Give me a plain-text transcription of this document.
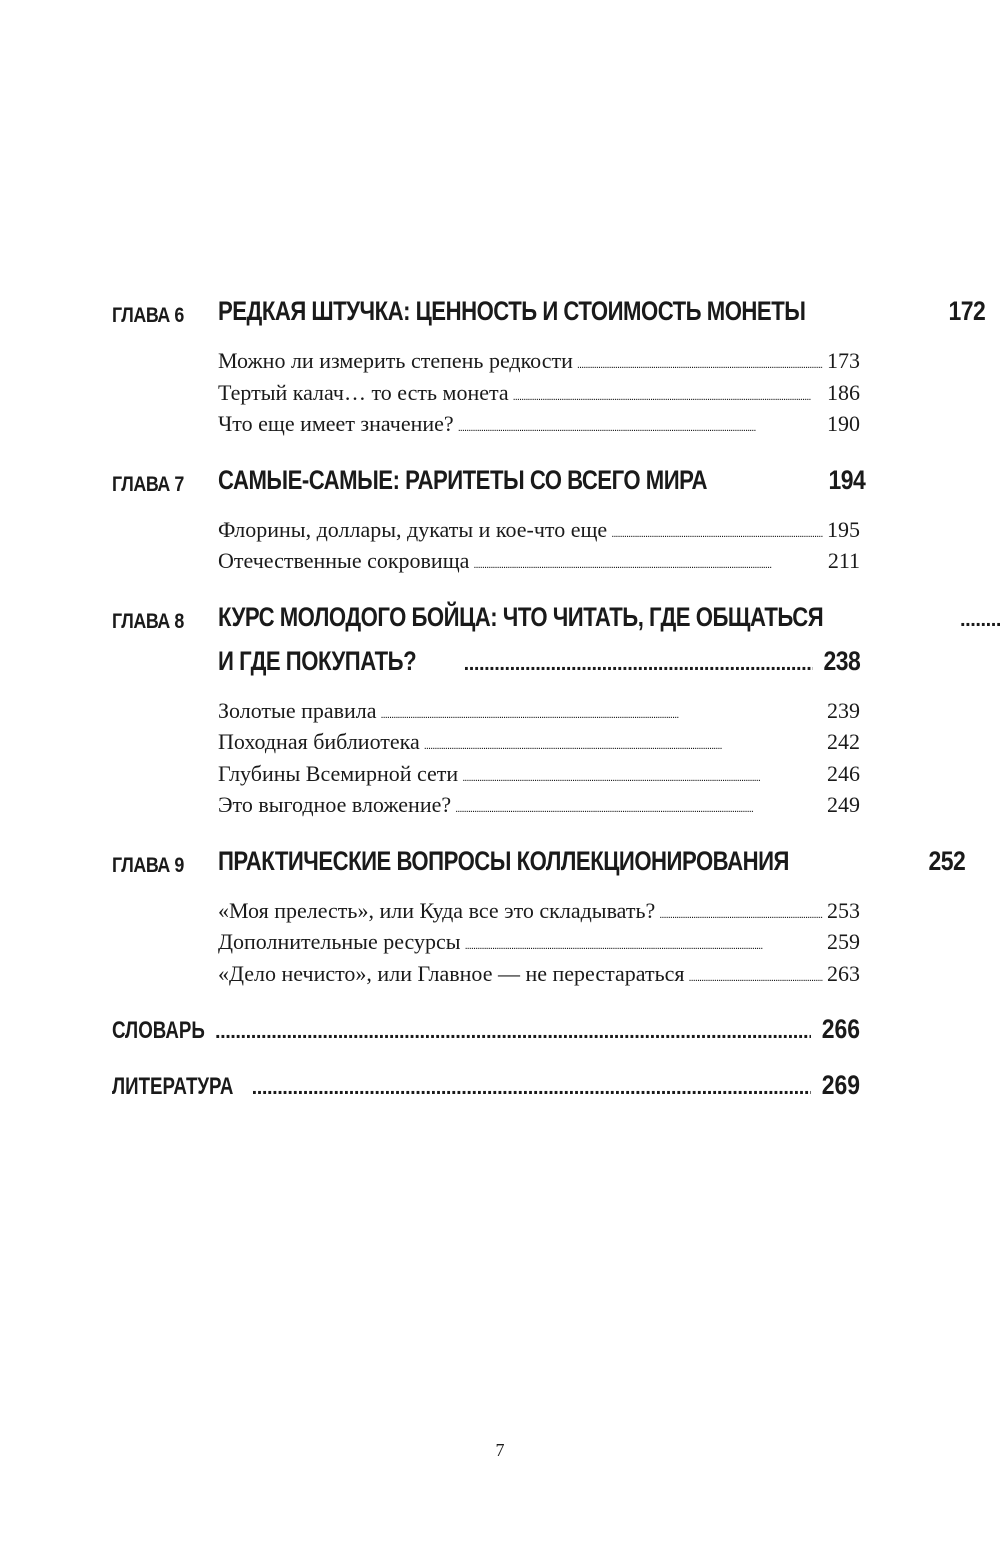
ГЛАВА 6 РЕДКАЯ ШТУЧКА: ЦЕННОСТЬ И СТОИМОСТЬ МОНЕТЫ	172
Можно ли измерить степень редкости . . .	173
Тертый калач… то есть монета . . .	186
Что еще имеет значение? . . .	190
ГЛАВА 7 САМЫЕ-САМЫЕ: РАРИТЕТЫ СО ВСЕГО МИРА	194
Флорины, доллары, дукаты и кое-что еще . . .	195
Отечественные сокровища . . .	211
ГЛАВА 8 КУРС МОЛОДОГО БОЙЦА: ЧТО ЧИТАТЬ, ГДЕ ОБЩАТЬСЯ
. . .
И ГДЕ ПОКУПАТЬ? . . .	238
Золотые правила . . .	239
Походная библиотека . . .	242
Глубины Всемирной сети . . .	246
Это выгодное вложение? . . .	249
ГЛАВА 9 ПРАКТИЧЕСКИЕ ВОПРОСЫ КОЛЛЕКЦИОНИРОВАНИЯ	252
«Моя прелесть», или Куда все это складывать? . . .	253
Дополнительные ресурсы . . .	259
«Дело нечисто», или Главное — не перестараться . . .	263
СЛОВАРЬ . . .	266
ЛИТЕРАТУРА . . .	269
7
